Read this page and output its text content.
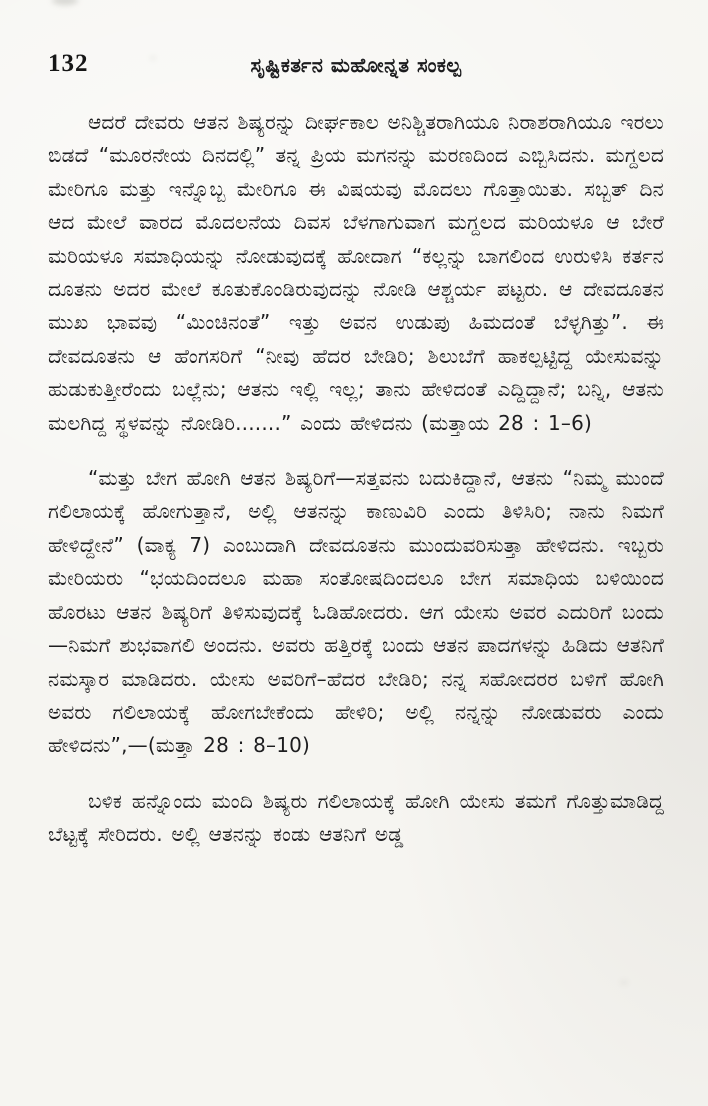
132	ಸೃಷ್ಟಿಕರ್ತನ ಮಹೋನ್ನತ ಸಂಕಲ್ಪ

ಆದರೆ ದೇವರು ಆತನ ಶಿಷ್ಯರನ್ನು ದೀರ್ಘಕಾಲ ಅನಿಶ್ಚಿತರಾಗಿಯೂ ನಿರಾಶರಾಗಿಯೂ ಇರಲು ಬಿಡದೆ “ಮೂರನೇಯ ದಿನದಲ್ಲಿ” ತನ್ನ ಪ್ರಿಯ ಮಗನನ್ನು ಮರಣದಿಂದ ಎಬ್ಬಿಸಿದನು. ಮಗ್ದಲದ ಮೇರಿಗೂ ಮತ್ತು ಇನ್ನೊಬ್ಬ ಮೇರಿಗೂ ಈ ವಿಷಯವು ಮೊದಲು ಗೊತ್ತಾಯಿತು. ಸಬ್ಬತ್ ದಿನ ಆದ ಮೇಲೆ ವಾರದ ಮೊದಲನೆಯ ದಿವಸ ಬೆಳಗಾಗುವಾಗ ಮಗ್ದಲದ ಮರಿಯಳೂ ಆ ಬೇರೆ ಮರಿಯಳೂ ಸಮಾಧಿಯನ್ನು ನೋಡುವುದಕ್ಕೆ ಹೋದಾಗ “ಕಲ್ಲನ್ನು ಬಾಗಲಿಂದ ಉರುಳಿಸಿ ಕರ್ತನ ದೂತನು ಅದರ ಮೇಲೆ ಕೂತುಕೊಂಡಿರುವುದನ್ನು ನೋಡಿ ಆಶ್ಚರ್ಯ ಪಟ್ಟರು. ಆ ದೇವದೂತನ ಮುಖ ಭಾವವು “ಮಿಂಚಿನಂತೆ” ಇತ್ತು ಅವನ ಉಡುಪು ಹಿಮದಂತೆ ಬೆಳ್ಳಗಿತ್ತು”. ಈ ದೇವದೂತನು ಆ ಹೆಂಗಸರಿಗೆ “ನೀವು ಹೆದರ ಬೇಡಿರಿ; ಶಿಲುಬೆಗೆ ಹಾಕಲ್ಪಟ್ಟಿದ್ದ ಯೇಸುವನ್ನು ಹುಡುಕುತ್ತೀರೆಂದು ಬಲ್ಲೆನು; ಆತನು ಇಲ್ಲಿ ಇಲ್ಲ; ತಾನು ಹೇಳಿದಂತೆ ಎದ್ದಿದ್ದಾನೆ; ಬನ್ನಿ, ಆತನು ಮಲಗಿದ್ದ ಸ್ಥಳವನ್ನು ನೋಡಿರಿ.......” ಎಂದು ಹೇಳಿದನು (ಮತ್ತಾಯ 28 : 1–6)

“ಮತ್ತು ಬೇಗ ಹೋಗಿ ಆತನ ಶಿಷ್ಯರಿಗೆ—ಸತ್ತವನು ಬದುಕಿದ್ದಾನೆ, ಆತನು “ನಿಮ್ಮ ಮುಂದೆ ಗಲಿಲಾಯಕ್ಕೆ ಹೋಗುತ್ತಾನೆ, ಅಲ್ಲಿ ಆತನನ್ನು ಕಾಣುವಿರಿ ಎಂದು ತಿಳಿಸಿರಿ; ನಾನು ನಿಮಗೆ ಹೇಳಿದ್ದೇನೆ” (ವಾಕ್ಯ 7) ಎಂಬುದಾಗಿ ದೇವದೂತನು ಮುಂದುವರಿಸುತ್ತಾ ಹೇಳಿದನು. ಇಬ್ಬರು ಮೇರಿಯರು “ಭಯದಿಂದಲೂ ಮಹಾ ಸಂತೋಷದಿಂದಲೂ ಬೇಗ ಸಮಾಧಿಯ ಬಳಿಯಿಂದ ಹೊರಟು ಆತನ ಶಿಷ್ಯರಿಗೆ ತಿಳಿಸುವುದಕ್ಕೆ ಓಡಿಹೋದರು. ಆಗ ಯೇಸು ಅವರ ಎದುರಿಗೆ ಬಂದು—ನಿಮಗೆ ಶುಭವಾಗಲಿ ಅಂದನು. ಅವರು ಹತ್ತಿರಕ್ಕೆ ಬಂದು ಆತನ ಪಾದಗಳನ್ನು ಹಿಡಿದು ಆತನಿಗೆ ನಮಸ್ಕಾರ ಮಾಡಿದರು. ಯೇಸು ಅವರಿಗೆ–ಹೆದರ ಬೇಡಿರಿ; ನನ್ನ ಸಹೋದರರ ಬಳಿಗೆ ಹೋಗಿ ಅವರು ಗಲಿಲಾಯಕ್ಕೆ ಹೋಗಬೇಕೆಂದು ಹೇಳಿರಿ; ಅಲ್ಲಿ ನನ್ನನ್ನು ನೋಡುವರು ಎಂದು ಹೇಳಿದನು”,—(ಮತ್ತಾ 28 : 8–10)

ಬಳಿಕ ಹನ್ನೊಂದು ಮಂದಿ ಶಿಷ್ಯರು ಗಲಿಲಾಯಕ್ಕೆ ಹೋಗಿ ಯೇಸು ತಮಗೆ ಗೊತ್ತುಮಾಡಿದ್ದ ಬೆಟ್ಟಕ್ಕೆ ಸೇರಿದರು. ಅಲ್ಲಿ ಆತನನ್ನು ಕಂಡು ಆತನಿಗೆ ಅಡ್ಡ
